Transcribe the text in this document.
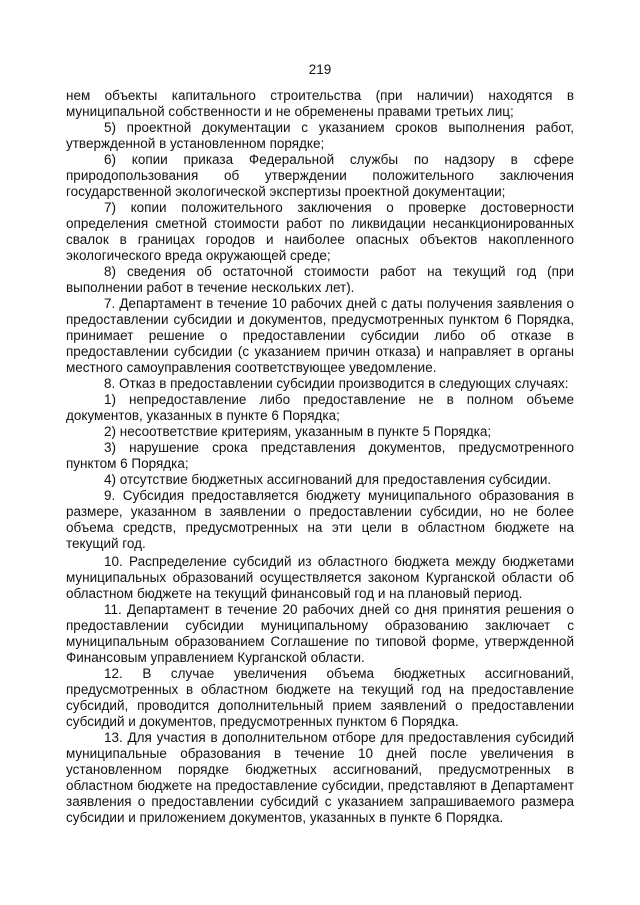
219

нем объекты капитального строительства (при наличии) находятся в муниципальной собственности и не обременены правами третьих лиц;

5) проектной документации с указанием сроков выполнения работ, утвержденной в установленном порядке;

6) копии приказа Федеральной службы по надзору в сфере природопользования об утверждении положительного заключения государственной экологической экспертизы проектной документации;

7) копии положительного заключения о проверке достоверности определения сметной стоимости работ по ликвидации несанкционированных свалок в границах городов и наиболее опасных объектов накопленного экологического вреда окружающей среде;

8) сведения об остаточной стоимости работ на текущий год (при выполнении работ в течение нескольких лет).

7. Департамент в течение 10 рабочих дней с даты получения заявления о предоставлении субсидии и документов, предусмотренных пунктом 6 Порядка, принимает решение о предоставлении субсидии либо об отказе в предоставлении субсидии (с указанием причин отказа) и направляет в органы местного самоуправления соответствующее уведомление.

8. Отказ в предоставлении субсидии производится в следующих случаях:

1) непредоставление либо предоставление не в полном объеме документов, указанных в пункте 6 Порядка;

2) несоответствие критериям, указанным в пункте 5 Порядка;

3) нарушение срока представления документов, предусмотренного пунктом 6 Порядка;

4) отсутствие бюджетных ассигнований для предоставления субсидии.

9. Субсидия предоставляется бюджету муниципального образования в размере, указанном в заявлении о предоставлении субсидии, но не более объема средств, предусмотренных на эти цели в областном бюджете на текущий год.

10. Распределение субсидий из областного бюджета между бюджетами муниципальных образований осуществляется законом Курганской области об областном бюджете на текущий финансовый год и на плановый период.

11. Департамент в течение 20 рабочих дней со дня принятия решения о предоставлении субсидии муниципальному образованию заключает с муниципальным образованием Соглашение по типовой форме, утвержденной Финансовым управлением Курганской области.

12. В случае увеличения объема бюджетных ассигнований, предусмотренных в областном бюджете на текущий год на предоставление субсидий, проводится дополнительный прием заявлений о предоставлении субсидий и документов, предусмотренных пунктом 6 Порядка.

13. Для участия в дополнительном отборе для предоставления субсидий муниципальные образования в течение 10 дней после увеличения в установленном порядке бюджетных ассигнований, предусмотренных в областном бюджете на предоставление субсидии, представляют в Департамент заявления о предоставлении субсидий с указанием запрашиваемого размера субсидии и приложением документов, указанных в пункте 6 Порядка.
